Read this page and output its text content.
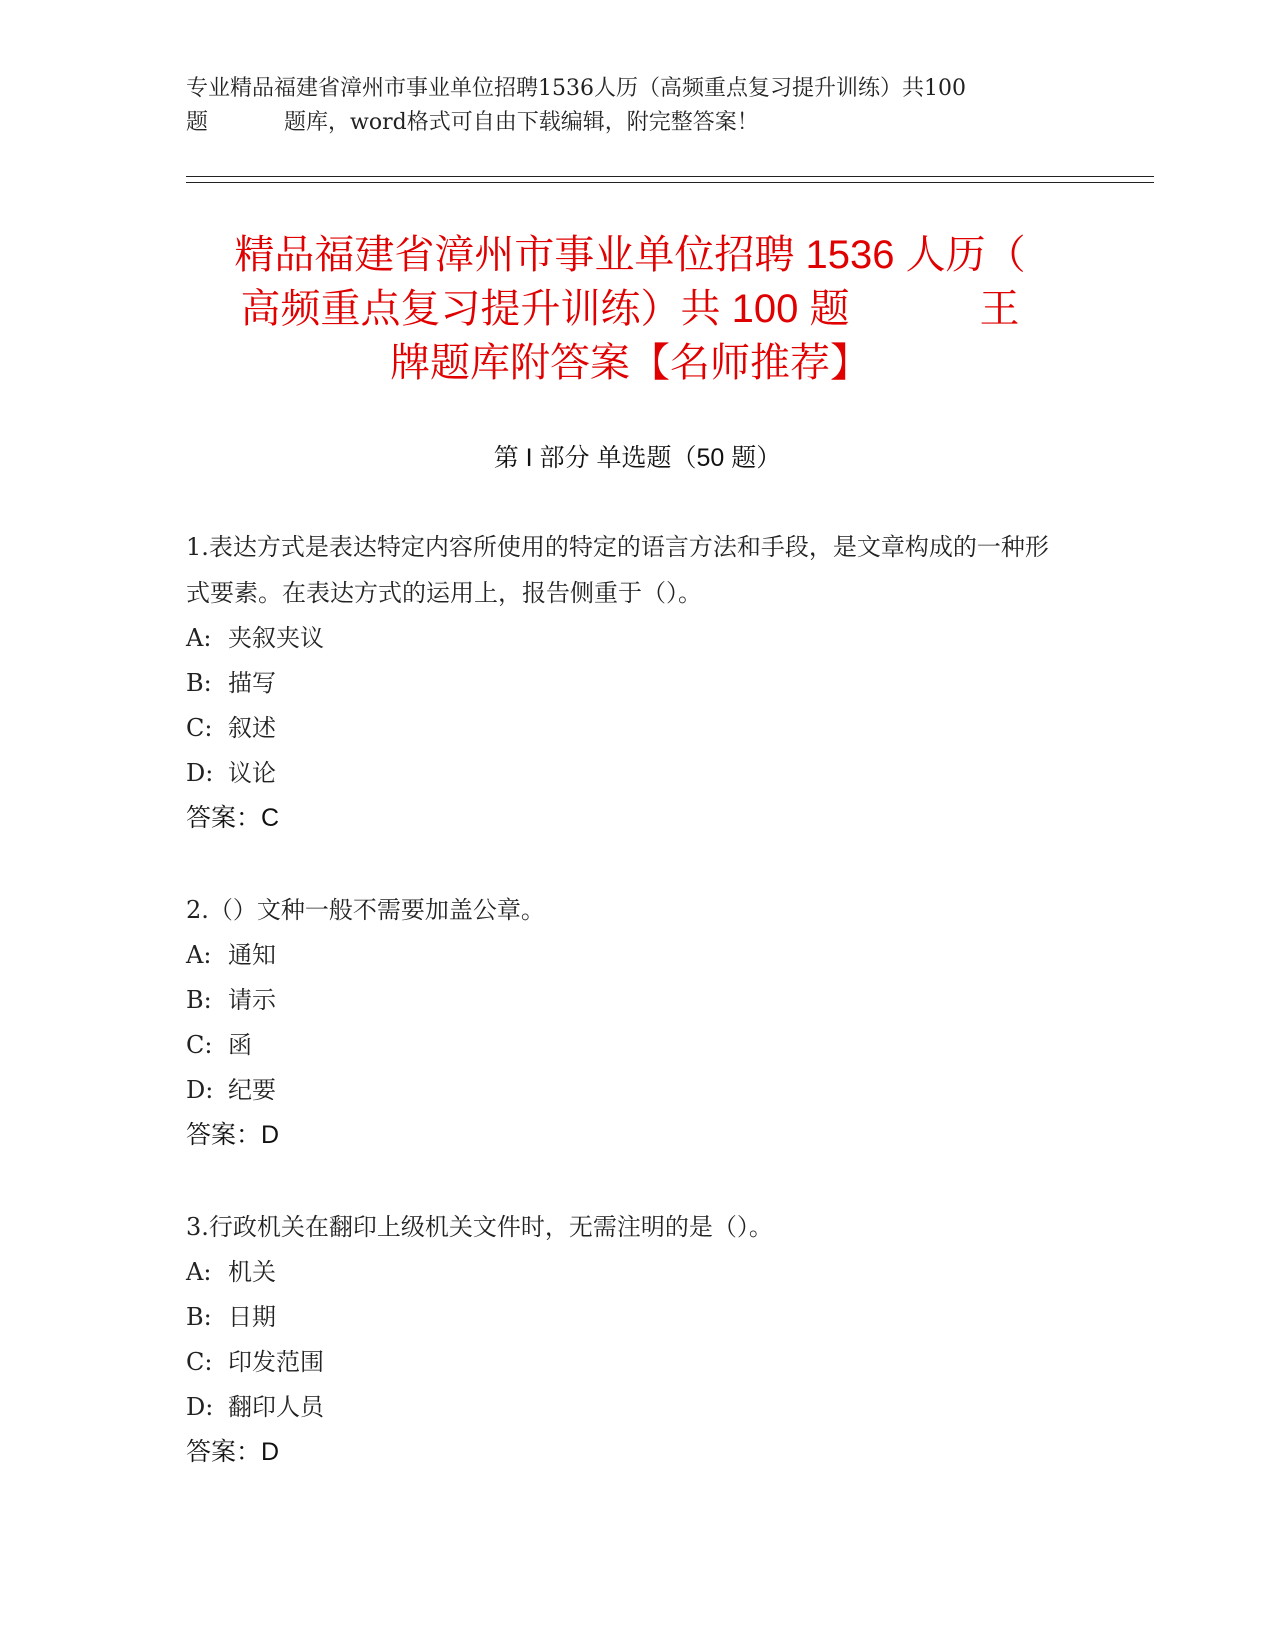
专业精品福建省漳州市事业单位招聘1536人历（高频重点复习提升训练）共100
题	题库，word格式可自由下载编辑，附完整答案！
精品福建省漳州市事业单位招聘 1536 人历（
高频重点复习提升训练）共 100 题	王
牌题库附答案【名师推荐】
第 I 部分 单选题（50 题）
1.表达方式是表达特定内容所使用的特定的语言方法和手段，是文章构成的一种形式要素。在表达方式的运用上，报告侧重于（）。
A: 夹叙夹议
B: 描写
C: 叙述
D: 议论
答案：C
2.（）文种一般不需要加盖公章。
A: 通知
B: 请示
C: 函
D: 纪要
答案：D
3.行政机关在翻印上级机关文件时，无需注明的是（）。
A: 机关
B: 日期
C: 印发范围
D: 翻印人员
答案：D
